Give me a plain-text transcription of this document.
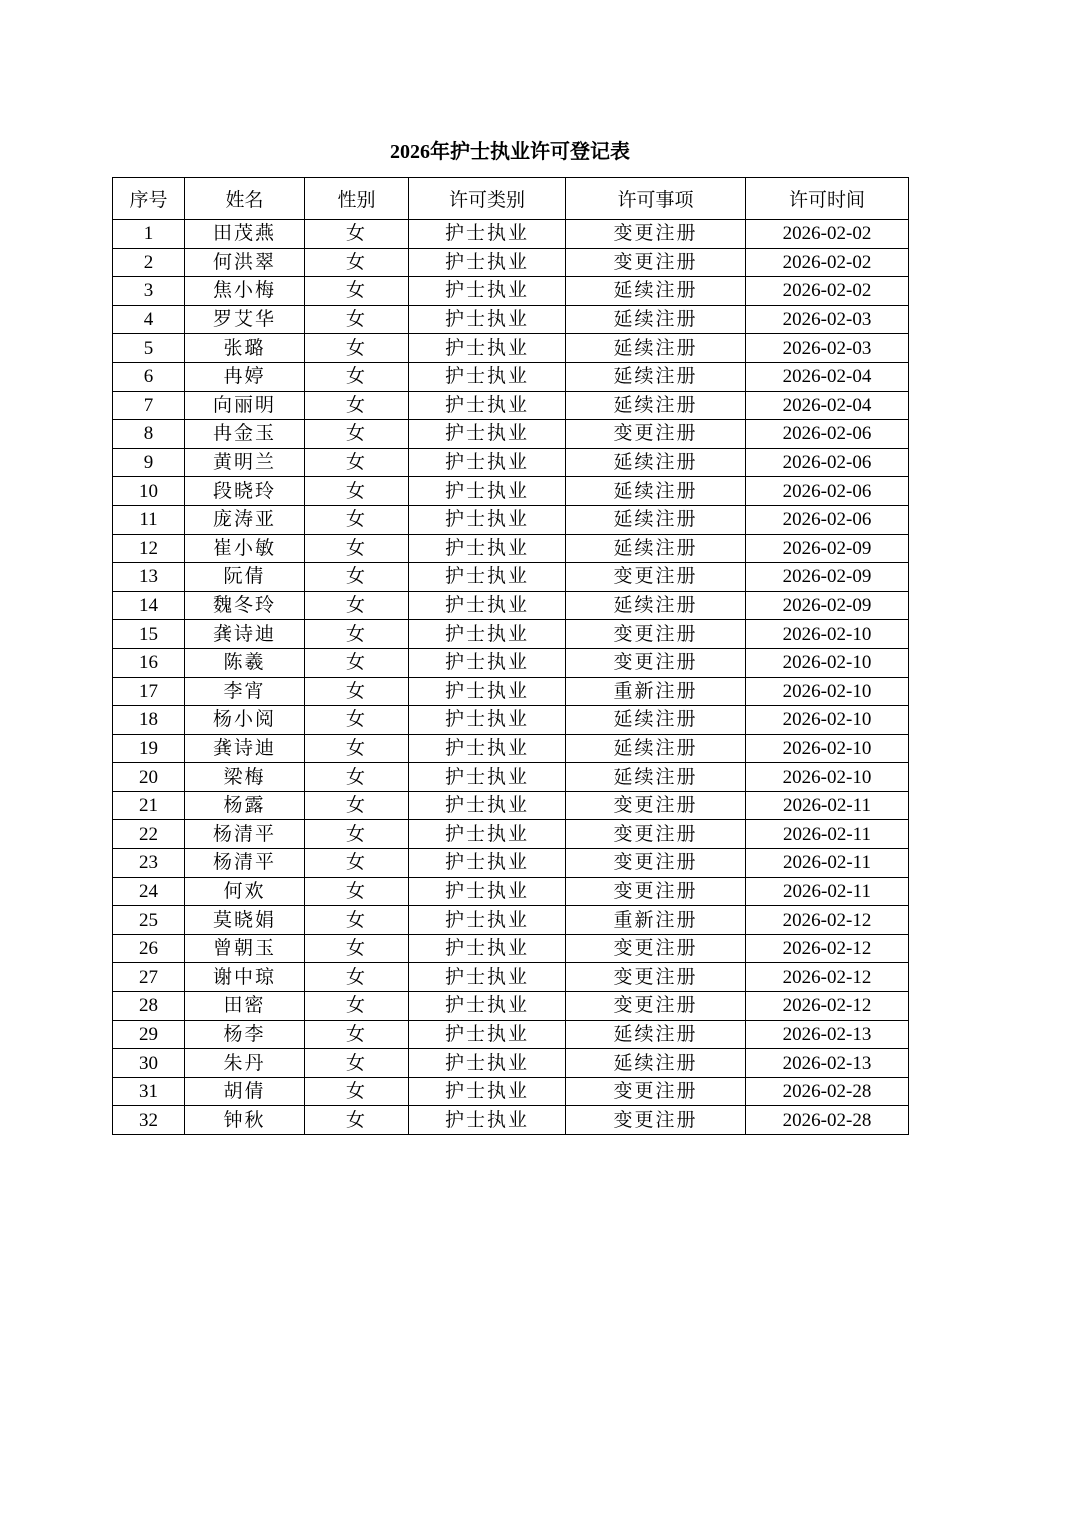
2026年护士执业许可登记表
序号	姓名	性别	许可类别	许可事项	许可时间
1	田茂燕	女	护士执业	变更注册	2026-02-02
2	何洪翠	女	护士执业	变更注册	2026-02-02
3	焦小梅	女	护士执业	延续注册	2026-02-02
4	罗艾华	女	护士执业	延续注册	2026-02-03
5	张璐	女	护士执业	延续注册	2026-02-03
6	冉婷	女	护士执业	延续注册	2026-02-04
7	向丽明	女	护士执业	延续注册	2026-02-04
8	冉金玉	女	护士执业	变更注册	2026-02-06
9	黄明兰	女	护士执业	延续注册	2026-02-06
10	段晓玲	女	护士执业	延续注册	2026-02-06
11	庞涛亚	女	护士执业	延续注册	2026-02-06
12	崔小敏	女	护士执业	延续注册	2026-02-09
13	阮倩	女	护士执业	变更注册	2026-02-09
14	魏冬玲	女	护士执业	延续注册	2026-02-09
15	龚诗迪	女	护士执业	变更注册	2026-02-10
16	陈羲	女	护士执业	变更注册	2026-02-10
17	李宵	女	护士执业	重新注册	2026-02-10
18	杨小阅	女	护士执业	延续注册	2026-02-10
19	龚诗迪	女	护士执业	延续注册	2026-02-10
20	梁梅	女	护士执业	延续注册	2026-02-10
21	杨露	女	护士执业	变更注册	2026-02-11
22	杨清平	女	护士执业	变更注册	2026-02-11
23	杨清平	女	护士执业	变更注册	2026-02-11
24	何欢	女	护士执业	变更注册	2026-02-11
25	莫晓娟	女	护士执业	重新注册	2026-02-12
26	曾朝玉	女	护士执业	变更注册	2026-02-12
27	谢中琼	女	护士执业	变更注册	2026-02-12
28	田密	女	护士执业	变更注册	2026-02-12
29	杨李	女	护士执业	延续注册	2026-02-13
30	朱丹	女	护士执业	延续注册	2026-02-13
31	胡倩	女	护士执业	变更注册	2026-02-28
32	钟秋	女	护士执业	变更注册	2026-02-28
